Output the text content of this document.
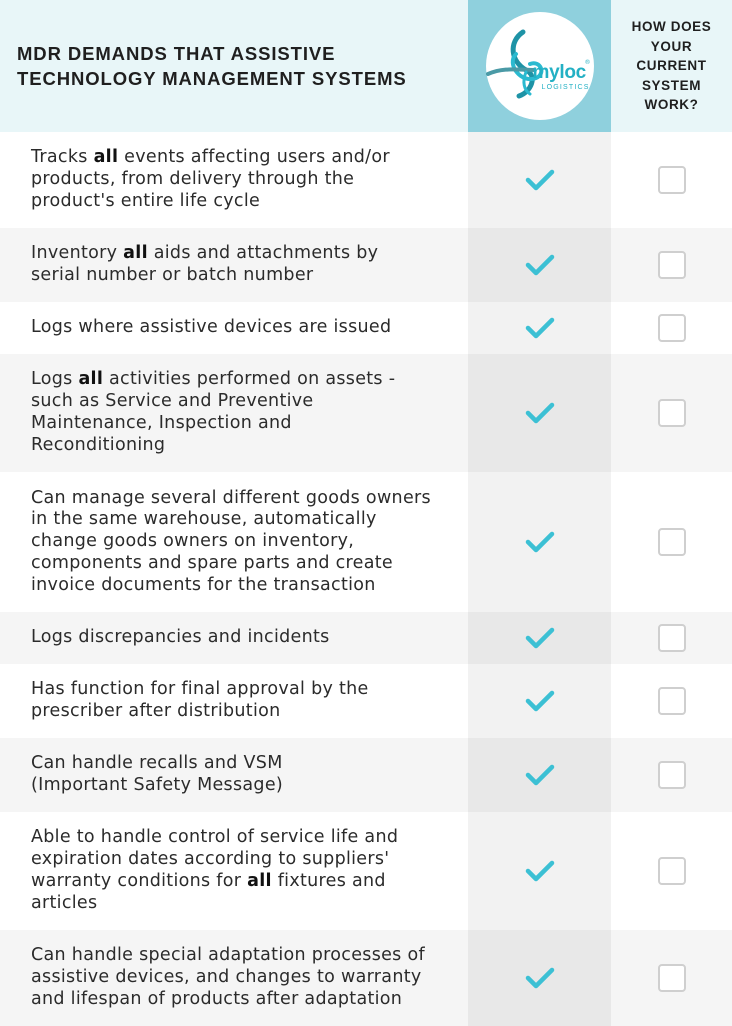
MDR DEMANDS THAT ASSISTIVE
TECHNOLOGY MANAGEMENT SYSTEMS	myloc
®
LOGISTICS
HOW DOES
YOUR
CURRENT
SYSTEM
WORK?
Tracks all events affecting users and/or
products, from delivery through the
product's entire life cycle
Inventory all aids and attachments by
serial number or batch number
Logs where assistive devices are issued
Logs all activities performed on assets -
such as Service and Preventive
Maintenance, Inspection and
Reconditioning
Can manage several different goods owners
in the same warehouse, automatically
change goods owners on inventory,
components and spare parts and create
invoice documents for the transaction
Logs discrepancies and incidents
Has function for final approval by the
prescriber after distribution
Can handle recalls and VSM
(Important Safety Message)
Able to handle control of service life and
expiration dates according to suppliers'
warranty conditions for all fixtures and
articles
Can handle special adaptation processes of
assistive devices, and changes to warranty
and lifespan of products after adaptation
